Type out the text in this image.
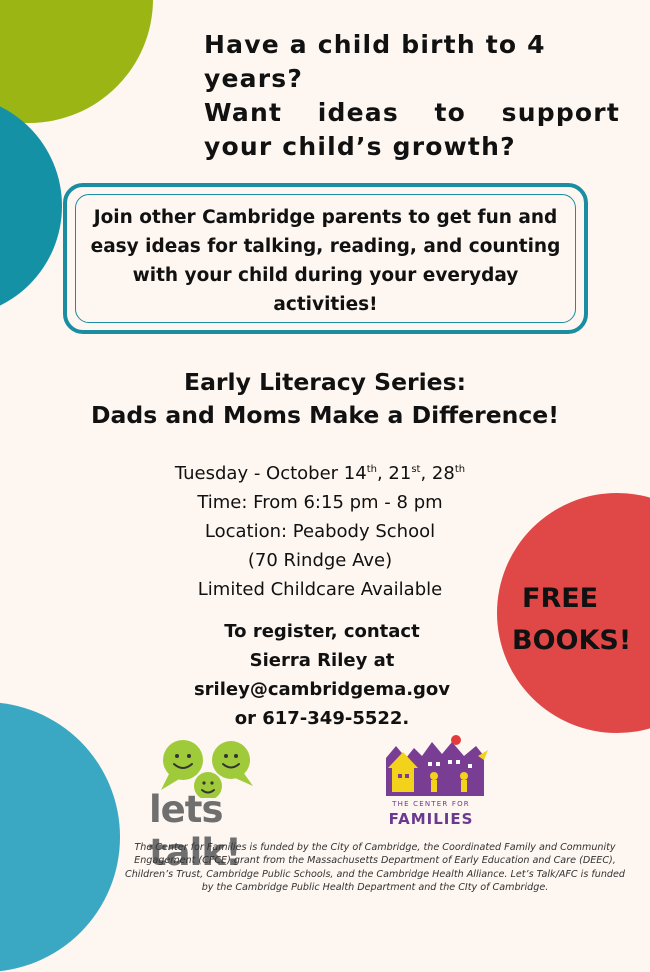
Have a child birth to 4 years?
Want ideas to support your child’s growth?
Join other Cambridge parents to get fun and easy ideas for talking, reading, and counting with your child during your everyday activities!
Early Literacy Series:
Dads and Moms Make a Difference!
Tuesday - October 14th, 21st, 28th
Time: From 6:15 pm - 8 pm
Location: Peabody School
(70 Rindge Ave)
Limited Childcare Available
To register, contact
Sierra Riley at
sriley@cambridgema.gov
or 617-349-5522.
FREE
BOOKS!
lets talk!
THE CENTER FOR
FAMILIES
The Center for Families is funded by the City of Cambridge, the Coordinated Family and Community Engagement (CFCE) grant from the Massachusetts Department of Early Education and Care (DEEC), Children’s Trust, Cambridge Public Schools, and the Cambridge Health Alliance. Let’s Talk/AFC is funded by the Cambridge Public Health Department and the CIty of Cambridge.
